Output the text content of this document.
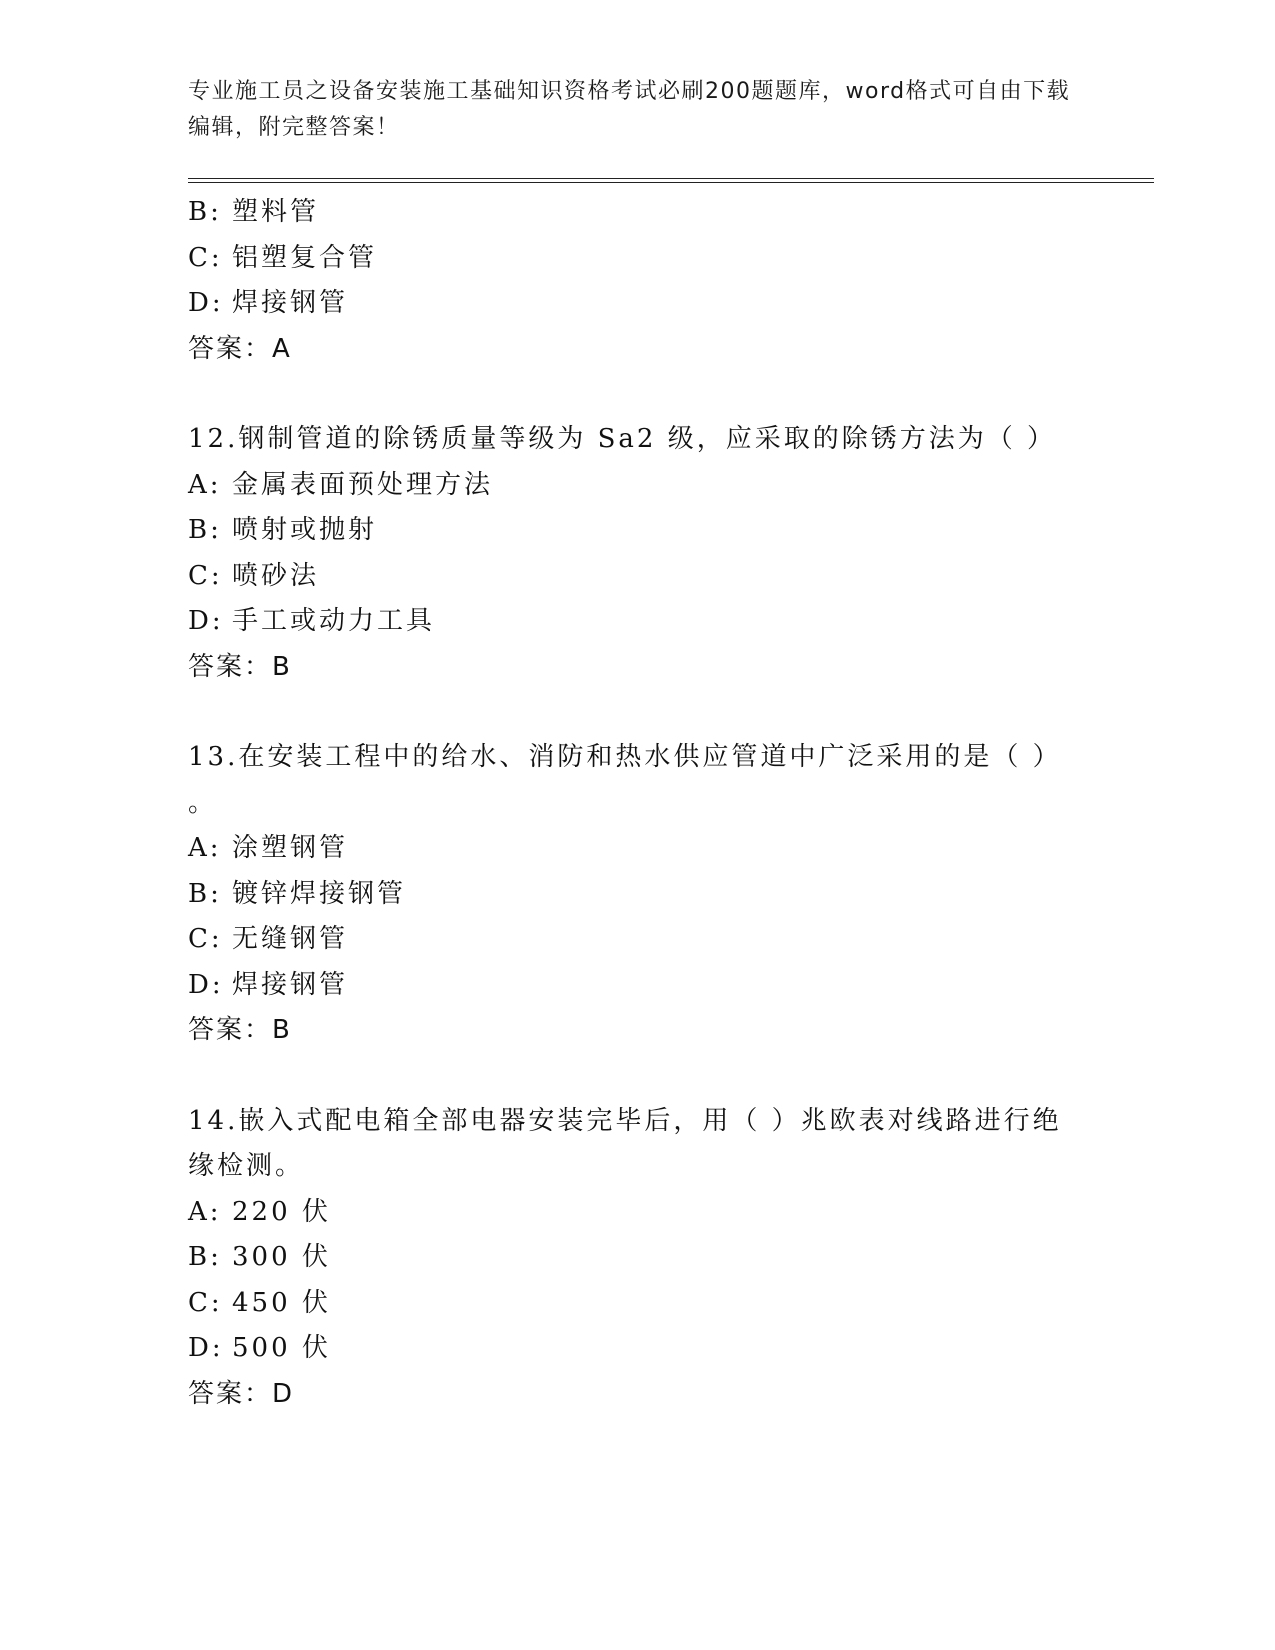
专业施工员之设备安装施工基础知识资格考试必刷200题题库，word格式可自由下载编辑，附完整答案！
B: 塑料管
C: 铝塑复合管
D: 焊接钢管
答案：A
12.钢制管道的除锈质量等级为 Sa2 级，应采取的除锈方法为（ ）
A: 金属表面预处理方法
B: 喷射或抛射
C: 喷砂法
D: 手工或动力工具
答案：B
13.在安装工程中的给水、消防和热水供应管道中广泛采用的是（ ）
。
A: 涂塑钢管
B: 镀锌焊接钢管
C: 无缝钢管
D: 焊接钢管
答案：B
14.嵌入式配电箱全部电器安装完毕后，用（ ）兆欧表对线路进行绝
缘检测。
A: 220 伏
B: 300 伏
C: 450 伏
D: 500 伏
答案：D
